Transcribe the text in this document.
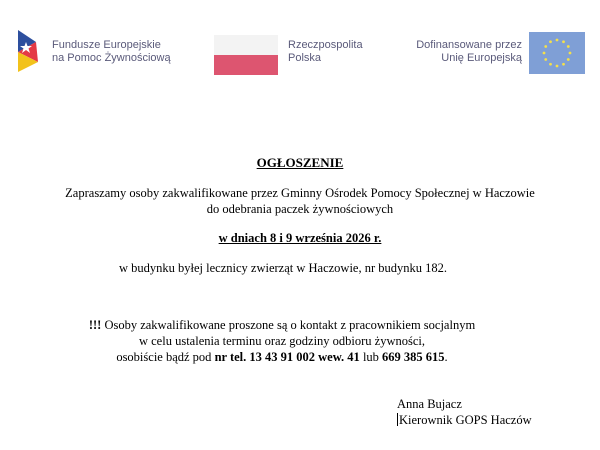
Fundusze Europejskie
na Pomoc Żywnościową
Rzeczpospolita
Polska
Dofinansowane przez
Unię Europejską
OGŁOSZENIE
Zapraszamy osoby zakwalifikowane przez Gminny Ośrodek Pomocy Społecznej w Haczowie
do odebrania paczek żywnościowych
w dniach 8 i 9 września 2026 r.
w budynku byłej lecznicy zwierząt w Haczowie, nr budynku 182.
!!! Osoby zakwalifikowane proszone są o kontakt z pracownikiem socjalnym
w celu ustalenia terminu oraz godziny odbioru żywności,
osobiście bądź pod nr tel. 13 43 91 002 wew. 41 lub 669 385 615.
Anna Bujacz
Kierownik GOPS Haczów
